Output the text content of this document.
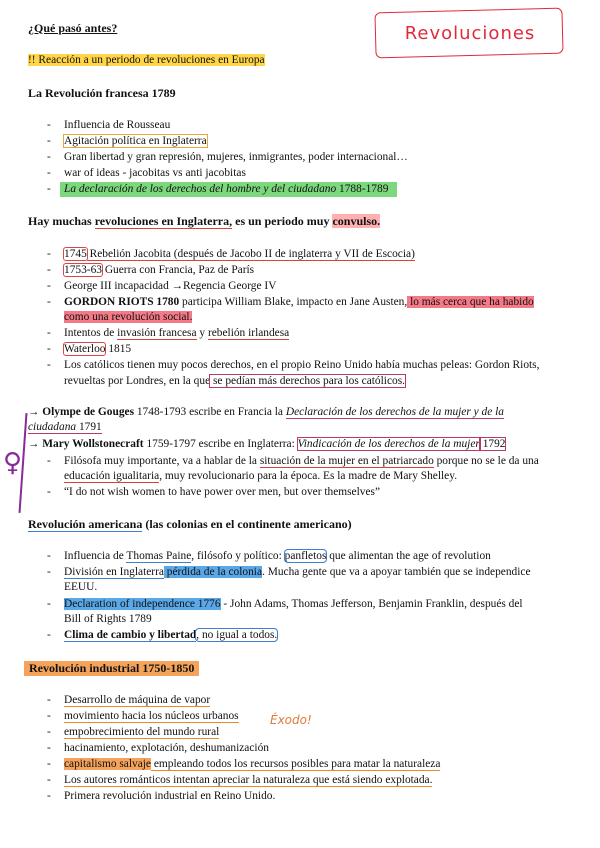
Revoluciones
¿Qué pasó antes?
!! Reacción a un periodo de revoluciones en Europa
La Revolución francesa 1789
- Influencia de Rousseau
- Agitación política en Inglaterra
- Gran libertad y gran represión, mujeres, inmigrantes, poder internacional…
- war of ideas - jacobitas vs anti jacobitas
-	La declaración de los derechos del hombre y del ciudadano 1788-1789
Hay muchas revoluciones en Inglaterra, es un periodo muy convulso.
- 1745 Rebelión Jacobita (después de Jacobo II de inglaterra y VII de Escocia)
- 1753-63 Guerra con Francia, Paz de París
- George III incapacidad →Regencia George IV
- GORDON RIOTS 1780 participa William Blake, impacto en Jane Austen, lo más cerca que ha habido
como una revolución social.
- Intentos de invasión francesa y rebelión irlandesa
- Waterloo 1815
- Los católicos tienen muy pocos derechos, en el propio Reino Unido había muchas peleas: Gordon Riots,
revueltas por Londres, en la que se pedían más derechos para los católicos.
♀
→ Olympe de Gouges 1748-1793 escribe en Francia la Declaración de los derechos de la mujer y de la
ciudadana 1791
→ Mary Wollstonecraft 1759-1797 escribe en Inglaterra: Vindicación de los derechos de la mujer 1792
- Filósofa muy importante, va a hablar de la situación de la mujer en el patriarcado porque no se le da una
educación igualitaria, muy revolucionario para la época. Es la madre de Mary Shelley.
- “I do not wish women to have power over men, but over themselves”
Revolución americana (las colonias en el continente americano)
- Influencia de Thomas Paine, filósofo y político: panfletos que alimentan the age of revolution
- División en Inglaterra pérdida de la colonia. Mucha gente que va a apoyar también que se independice
EEUU.
- Declaration of independence 1776 - John Adams, Thomas Jefferson, Benjamin Franklin, después del
Bill of Rights 1789
- Clima de cambio y libertad, no igual a todos.
Revolución industrial 1750-1850
- Desarrollo de máquina de vapor
- movimiento hacia los núcleos urbanos
- empobrecimiento del mundo rural
- hacinamiento, explotación, deshumanización
- capitalismo salvaje empleando todos los recursos posibles para matar la naturaleza
- Los autores románticos intentan apreciar la naturaleza que está siendo explotada.
- Primera revolución industrial en Reino Unido.
Éxodo!
